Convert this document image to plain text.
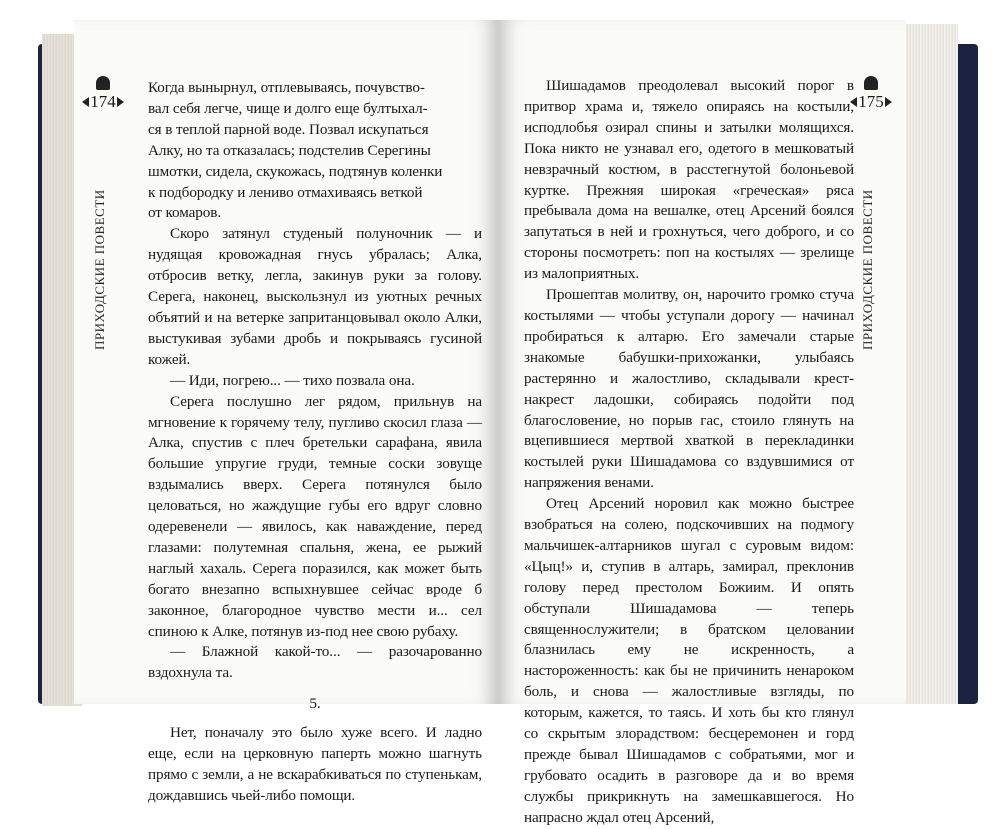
174
ПРИХОДСКИЕ ПОВЕСТИ

Когда вынырнул, отплевываясь, почувство-

вал себя легче, чище и долго еще бултыхал-

ся в теплой парной воде. Позвал искупаться

Алку, но та отказалась; подстелив Серегины

шмотки, сидела, скукожась, подтянув коленки

к подбородку и лениво отмахиваясь веткой

от комаров.

Скоро затянул студеный полуночник — и нудящая кровожадная гнусь убралась; Алка, отбросив ветку, легла, закинув руки за голову. Серега, наконец, выскользнул из уютных речных объятий и на ветерке запританцовывал около Алки, выстукивая зубами дробь и покрываясь гусиной кожей.

— Иди, погрею... — тихо позвала она.

Серега послушно лег рядом, прильнув на мгновение к горячему телу, пугливо скосил глаза — Алка, спустив с плеч бретельки сарафана, явила большие упругие груди, темные соски зовуще вздымались вверх. Серега потянулся было целоваться, но жаждущие губы его вдруг словно одеревенели — явилось, как наваждение, перед глазами: полутемная спальня, жена, ее рыжий наглый хахаль. Серега поразился, как может быть богато внезапно вспыхнувшее сейчас вроде б законное, благородное чувство мести и... сел спиною к Алке, потянув из-под нее свою рубаху.

— Блажной какой-то... — разочарованно вздохнула та.

5.

Нет, поначалу это было хуже всего. И ладно еще, если на церковную паперть можно шагнуть прямо с земли, а не вскарабкиваться по ступенькам, дождавшись чьей-либо помощи.

175
ПРИХОДСКИЕ ПОВЕСТИ

Шишадамов преодолевал высокий порог в притвор храма и, тяжело опираясь на костыли, исподлобья озирал спины и затылки молящихся. Пока никто не узнавал его, одетого в мешковатый невзрачный костюм, в расстегнутой болоньевой куртке. Прежняя широкая «греческая» ряса пребывала дома на вешалке, отец Арсений боялся запутаться в ней и грохнуться, чего доброго, и со стороны посмотреть: поп на костылях — зрелище из малоприятных.

Прошептав молитву, он, нарочито громко стуча костылями — чтобы уступали дорогу — начинал пробираться к алтарю. Его замечали старые знакомые бабушки-прихожанки, улыбаясь растерянно и жалостливо, складывали крест-накрест ладошки, собираясь подойти под благословение, но порыв гас, стоило глянуть на вцепившиеся мертвой хваткой в перекладинки костылей руки Шишадамова со вздувшимися от напряжения венами.

Отец Арсений норовил как можно быстрее взобраться на солею, подскочивших на подмогу мальчишек-алтарников шугал с суровым видом: «Цыц!» и, ступив в алтарь, замирал, преклонив голову перед престолом Божиим. И опять обступали Шишадамова — теперь священнослужители; в братском целовании блазнилась ему не искренность, а настороженность: как бы не причинить ненароком боль, и снова — жалостливые взгляды, по которым, кажется, то таясь. И хоть бы кто глянул со скрытым злорадством: бесцеремонен и горд прежде бывал Шишадамов с собратьями, мог и грубовато осадить в разговоре да и во время службы прикрикнуть на замешкавшегося. Но напрасно ждал отец Арсений,
